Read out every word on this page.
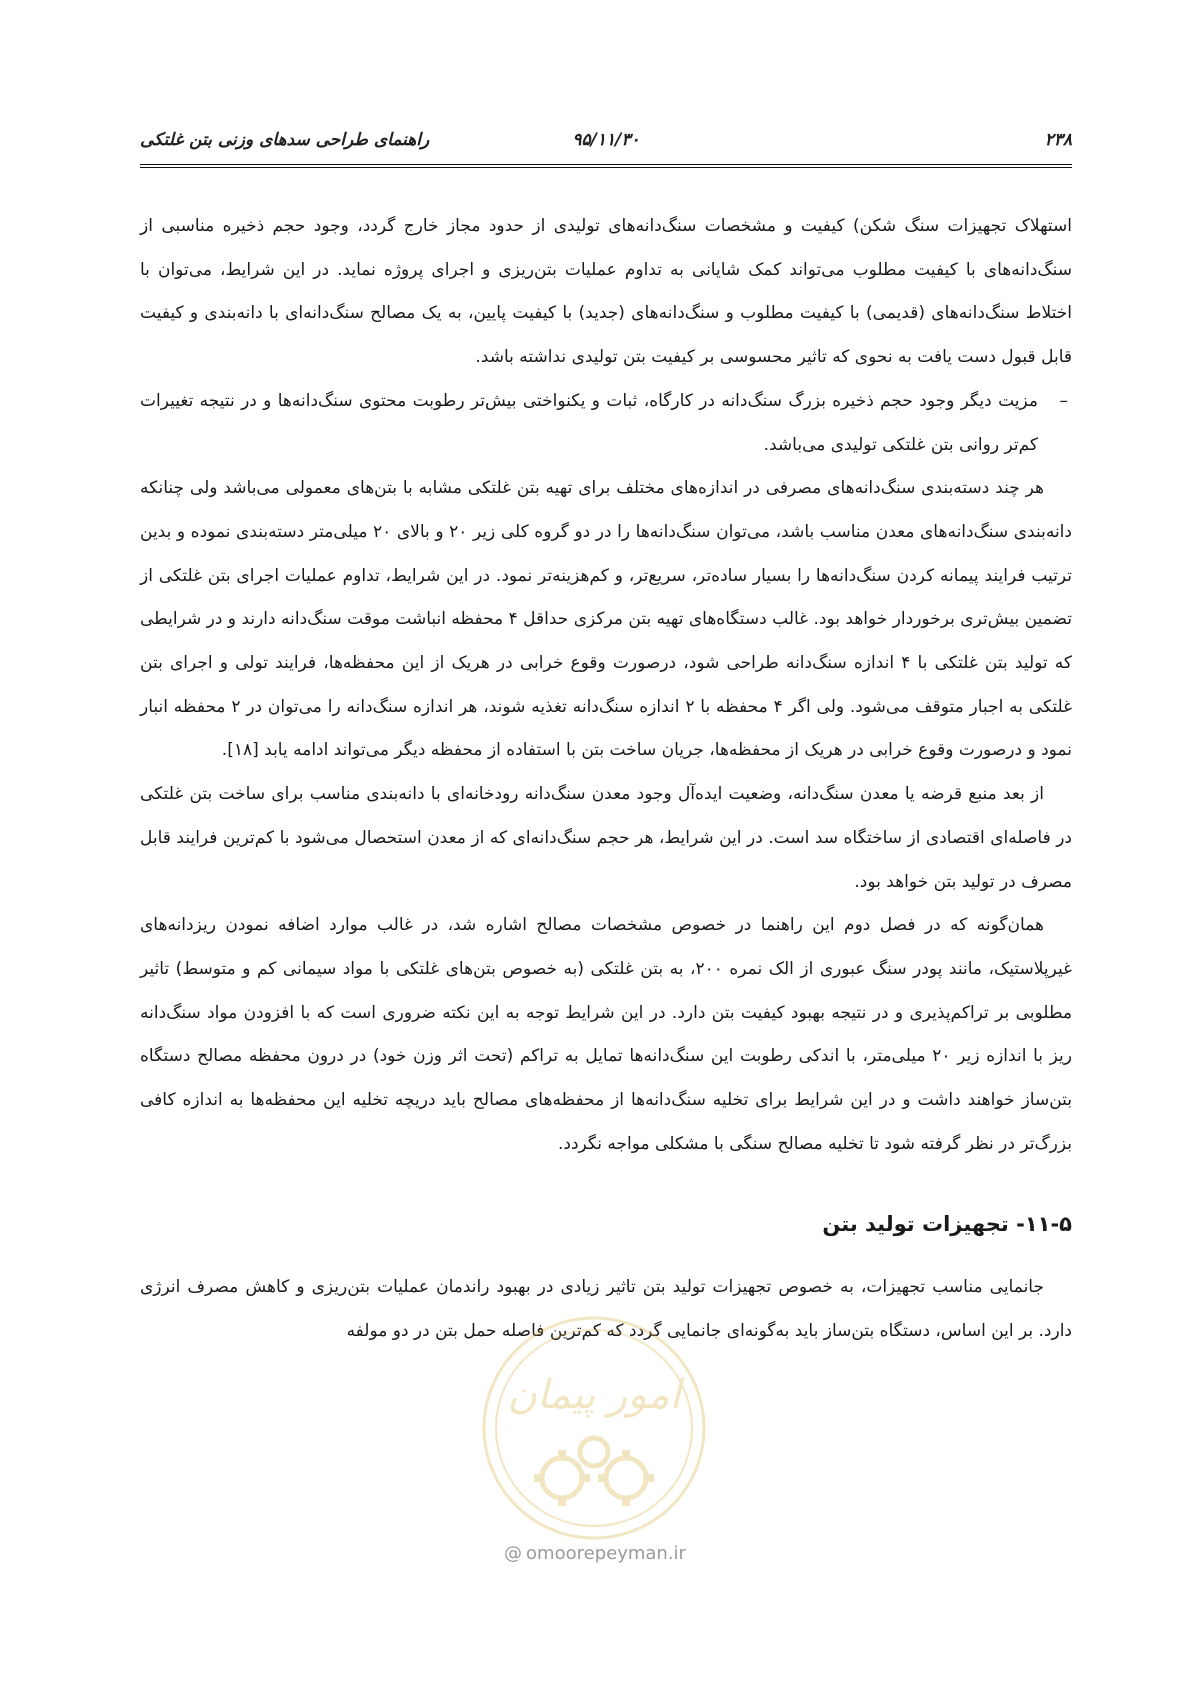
۲۳۸
۹۵/۱۱/۳۰
راهنمای طراحی سدهای وزنی بتن غلتکی

استهلاک تجهیزات سنگ شکن) کیفیت و مشخصات سنگ‌دانه‌های تولیدی از حدود مجاز خارج گردد، وجود حجم ذخیره مناسبی از سنگ‌دانه‌های با کیفیت مطلوب می‌تواند کمک شایانی به تداوم عملیات بتن‌ریزی و اجرای پروژه نماید. در این شرایط، می‌توان با اختلاط سنگ‌دانه‌های (قدیمی) با کیفیت مطلوب و سنگ‌دانه‌های (جدید) با کیفیت پایین، به یک مصالح سنگ‌دانه‌ای با دانه‌بندی و کیفیت قابل قبول دست یافت به نحوی که تاثیر محسوسی بر کیفیت بتن تولیدی نداشته باشد.

–
مزیت دیگر وجود حجم ذخیره بزرگ سنگ‌دانه در کارگاه، ثبات و یکنواختی بیش‌تر رطوبت محتوی سنگ‌دانه‌ها و در نتیجه تغییرات کم‌تر روانی بتن غلتکی تولیدی می‌باشد.

هر چند دسته‌بندی سنگ‌دانه‌های مصرفی در اندازه‌های مختلف برای تهیه بتن غلتکی مشابه با بتن‌های معمولی می‌باشد ولی چنانکه دانه‌بندی سنگ‌دانه‌های معدن مناسب باشد، می‌توان سنگ‌دانه‌ها را در دو گروه کلی زیر ۲۰ و بالای ۲۰ میلی‌متر دسته‌بندی نموده و بدین ترتیب فرایند پیمانه کردن سنگ‌دانه‌ها را بسیار ساده‌تر، سریع‌تر، و کم‌هزینه‌تر نمود. در این شرایط، تداوم عملیات اجرای بتن غلتکی از تضمین بیش‌تری برخوردار خواهد بود. غالب دستگاه‌های تهیه بتن مرکزی حداقل ۴ محفظه انباشت موقت سنگ‌دانه دارند و در شرایطی که تولید بتن غلتکی با ۴ اندازه سنگ‌دانه طراحی شود، درصورت وقوع خرابی در هریک از این محفظه‌ها، فرایند تولی و اجرای بتن غلتکی به اجبار متوقف می‌شود. ولی اگر ۴ محفظه با ۲ اندازه سنگ‌دانه تغذیه شوند، هر اندازه سنگ‌دانه را می‌توان در ۲ محفظه انبار نمود و درصورت وقوع خرابی در هریک از محفظه‌ها، جریان ساخت بتن با استفاده از محفظه دیگر می‌تواند ادامه یابد [۱۸].

از بعد منبع قرضه یا معدن سنگ‌دانه، وضعیت ایده‌آل وجود معدن سنگ‌دانه رودخانه‌ای با دانه‌بندی مناسب برای ساخت بتن غلتکی در فاصله‌ای اقتصادی از ساختگاه سد است. در این شرایط، هر حجم سنگ‌دانه‌ای که از معدن استحصال می‌شود با کم‌ترین فرایند قابل مصرف در تولید بتن خواهد بود.

همان‌گونه که در فصل دوم این راهنما در خصوص مشخصات مصالح اشاره شد، در غالب موارد اضافه نمودن ریزدانه‌های غیرپلاستیک، مانند پودر سنگ عبوری از الک نمره ۲۰۰، به بتن غلتکی (به خصوص بتن‌های غلتکی با مواد سیمانی کم و متوسط) تاثیر مطلوبی بر تراکم‌پذیری و در نتیجه بهبود کیفیت بتن دارد. در این شرایط توجه به این نکته ضروری است که با افزودن مواد سنگ‌دانه ریز با اندازه زیر ۲۰ میلی‌متر، با اندکی رطوبت این سنگ‌دانه‌ها تمایل به تراکم (تحت اثر وزن خود) در درون محفظه مصالح دستگاه بتن‌ساز خواهند داشت و در این شرایط برای تخلیه سنگ‌دانه‌ها از محفظه‌های مصالح باید دریچه تخلیه این محفظه‌ها به اندازه کافی بزرگ‌تر در نظر گرفته شود تا تخلیه مصالح سنگی با مشکلی مواجه نگردد.

۱۱-۵- تجهیزات تولید بتن

جانمایی مناسب تجهیزات، به خصوص تجهیزات تولید بتن تاثیر زیادی در بهبود راندمان عملیات بتن‌ریزی و کاهش مصرف انرژی دارد. بر این اساس، دستگاه بتن‌ساز باید به‌گونه‌ای جانمایی گردد که کم‌ترین فاصله حمل بتن در دو مولفه

امور پیمان
@ omoorepeyman.ir
